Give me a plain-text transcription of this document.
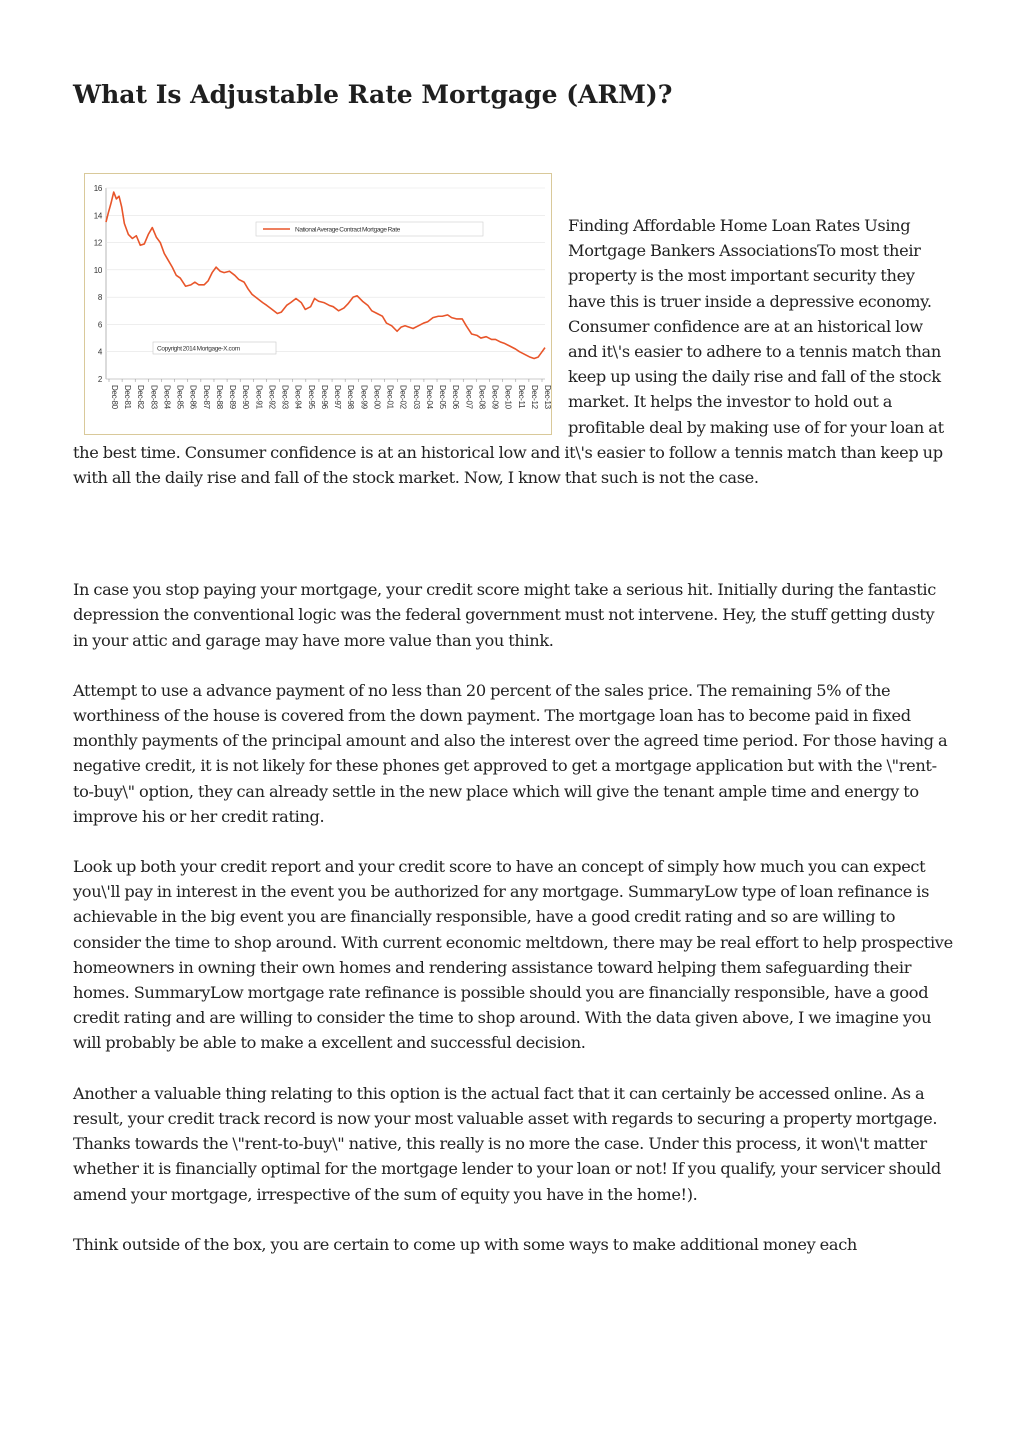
What Is Adjustable Rate Mortgage (ARM)?
2
4
6
8
10
12
14
16
Dec-80 Dec-81 Dec-82 Dec-83 Dec-84 Dec-85 Dec-86 Dec-87 Dec-88 Dec-89 Dec-90 Dec-91 Dec-92 Dec-93 Dec-94 Dec-95 Dec-96 Dec-97 Dec-98 Dec-99 Dec-00 Dec-01 Dec-02 Dec-03 Dec-04 Dec-05 Dec-06 Dec-07 Dec-08 Dec-09 Dec-10 Dec-11 Dec-12 Dec-13
National Average Contract Mortgage Rate
Copyright 2014 Mortgage-X.com

Finding Affordable Home Loan Rates Using Mortgage Bankers AssociationsTo most their property is the most important security they have this is truer inside a depressive economy. Consumer confidence are at an historical low and it\'s easier to adhere to a tennis match than keep up using the daily rise and fall of the stock market. It helps the investor to hold out a profitable deal by making use of for your loan at the best time. Consumer confidence is at an historical low and it\'s easier to follow a tennis match than keep up with all the daily rise and fall of the stock market. Now, I know that such is not the case.

In case you stop paying your mortgage, your credit score might take a serious hit. Initially during the fantastic depression the conventional logic was the federal government must not intervene. Hey, the stuff getting dusty in your attic and garage may have more value than you think.

Attempt to use a advance payment of no less than 20 percent of the sales price. The remaining 5% of the worthiness of the house is covered from the down payment. The mortgage loan has to become paid in fixed monthly payments of the principal amount and also the interest over the agreed time period. For those having a negative credit, it is not likely for these phones get approved to get a mortgage application but with the \"rent-to-buy\" option, they can already settle in the new place which will give the tenant ample time and energy to improve his or her credit rating.

Look up both your credit report and your credit score to have an concept of simply how much you can expect you\'ll pay in interest in the event you be authorized for any mortgage. SummaryLow type of loan refinance is achievable in the big event you are financially responsible, have a good credit rating and so are willing to consider the time to shop around. With current economic meltdown, there may be real effort to help prospective homeowners in owning their own homes and rendering assistance toward helping them safeguarding their homes. SummaryLow mortgage rate refinance is possible should you are financially responsible, have a good credit rating and are willing to consider the time to shop around. With the data given above, I we imagine you will probably be able to make a excellent and successful decision.

Another a valuable thing relating to this option is the actual fact that it can certainly be accessed online. As a result, your credit track record is now your most valuable asset with regards to securing a property mortgage. Thanks towards the \"rent-to-buy\" native, this really is no more the case. Under this process, it won\'t matter whether it is financially optimal for the mortgage lender to your loan or not! If you qualify, your servicer should amend your mortgage, irrespective of the sum of equity you have in the home!).

Think outside of the box, you are certain to come up with some ways to make additional money each
